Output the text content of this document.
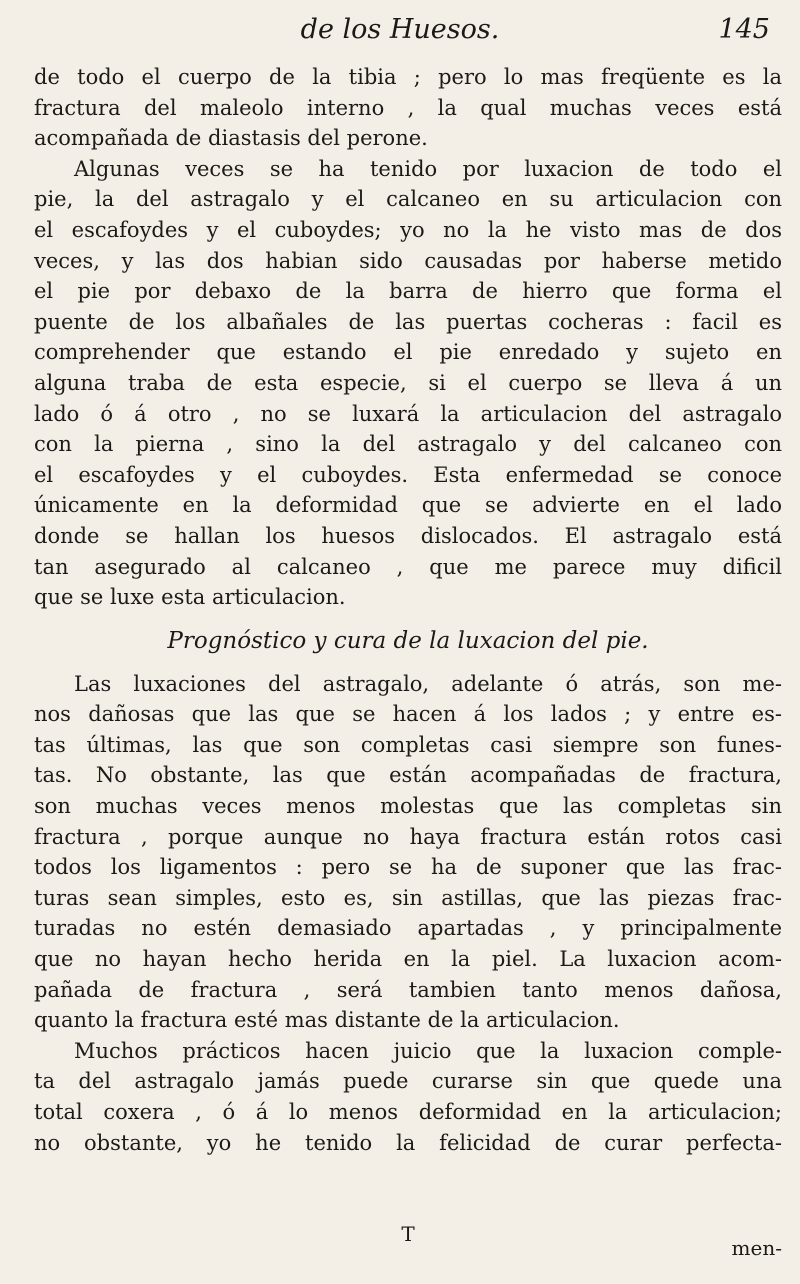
de los Huesos.	145
de todo el cuerpo de la tibia ; pero lo mas freqüente es la
fractura del maleolo interno , la qual muchas veces está
acompañada de diastasis del perone.
Algunas veces se ha tenido por luxacion de todo el
pie, la del astragalo y el calcaneo en su articulacion con
el escafoydes y el cuboydes; yo no la he visto mas de dos
veces, y las dos habian sido causadas por haberse metido
el pie por debaxo de la barra de hierro que forma el
puente de los albañales de las puertas cocheras : facil es
comprehender que estando el pie enredado y sujeto en
alguna traba de esta especie, si el cuerpo se lleva á un
lado ó á otro , no se luxará la articulacion del astragalo
con la pierna , sino la del astragalo y del calcaneo con
el escafoydes y el cuboydes. Esta enfermedad se conoce
únicamente en la deformidad que se advierte en el lado
donde se hallan los huesos dislocados. El astragalo está
tan asegurado al calcaneo , que me parece muy dificil
que se luxe esta articulacion.
Prognóstico y cura de la luxacion del pie.
Las luxaciones del astragalo, adelante ó atrás, son me-
nos dañosas que las que se hacen á los lados ; y entre es-
tas últimas, las que son completas casi siempre son funes-
tas. No obstante, las que están acompañadas de fractura,
son muchas veces menos molestas que las completas sin
fractura , porque aunque no haya fractura están rotos casi
todos los ligamentos : pero se ha de suponer que las frac-
turas sean simples, esto es, sin astillas, que las piezas frac-
turadas no estén demasiado apartadas , y principalmente
que no hayan hecho herida en la piel. La luxacion acom-
pañada de fractura , será tambien tanto menos dañosa,
quanto la fractura esté mas distante de la articulacion.
Muchos prácticos hacen juicio que la luxacion comple-
ta del astragalo jamás puede curarse sin que quede una
total coxera , ó á lo menos deformidad en la articulacion;
no obstante, yo he tenido la felicidad de curar perfecta-
T
men-
